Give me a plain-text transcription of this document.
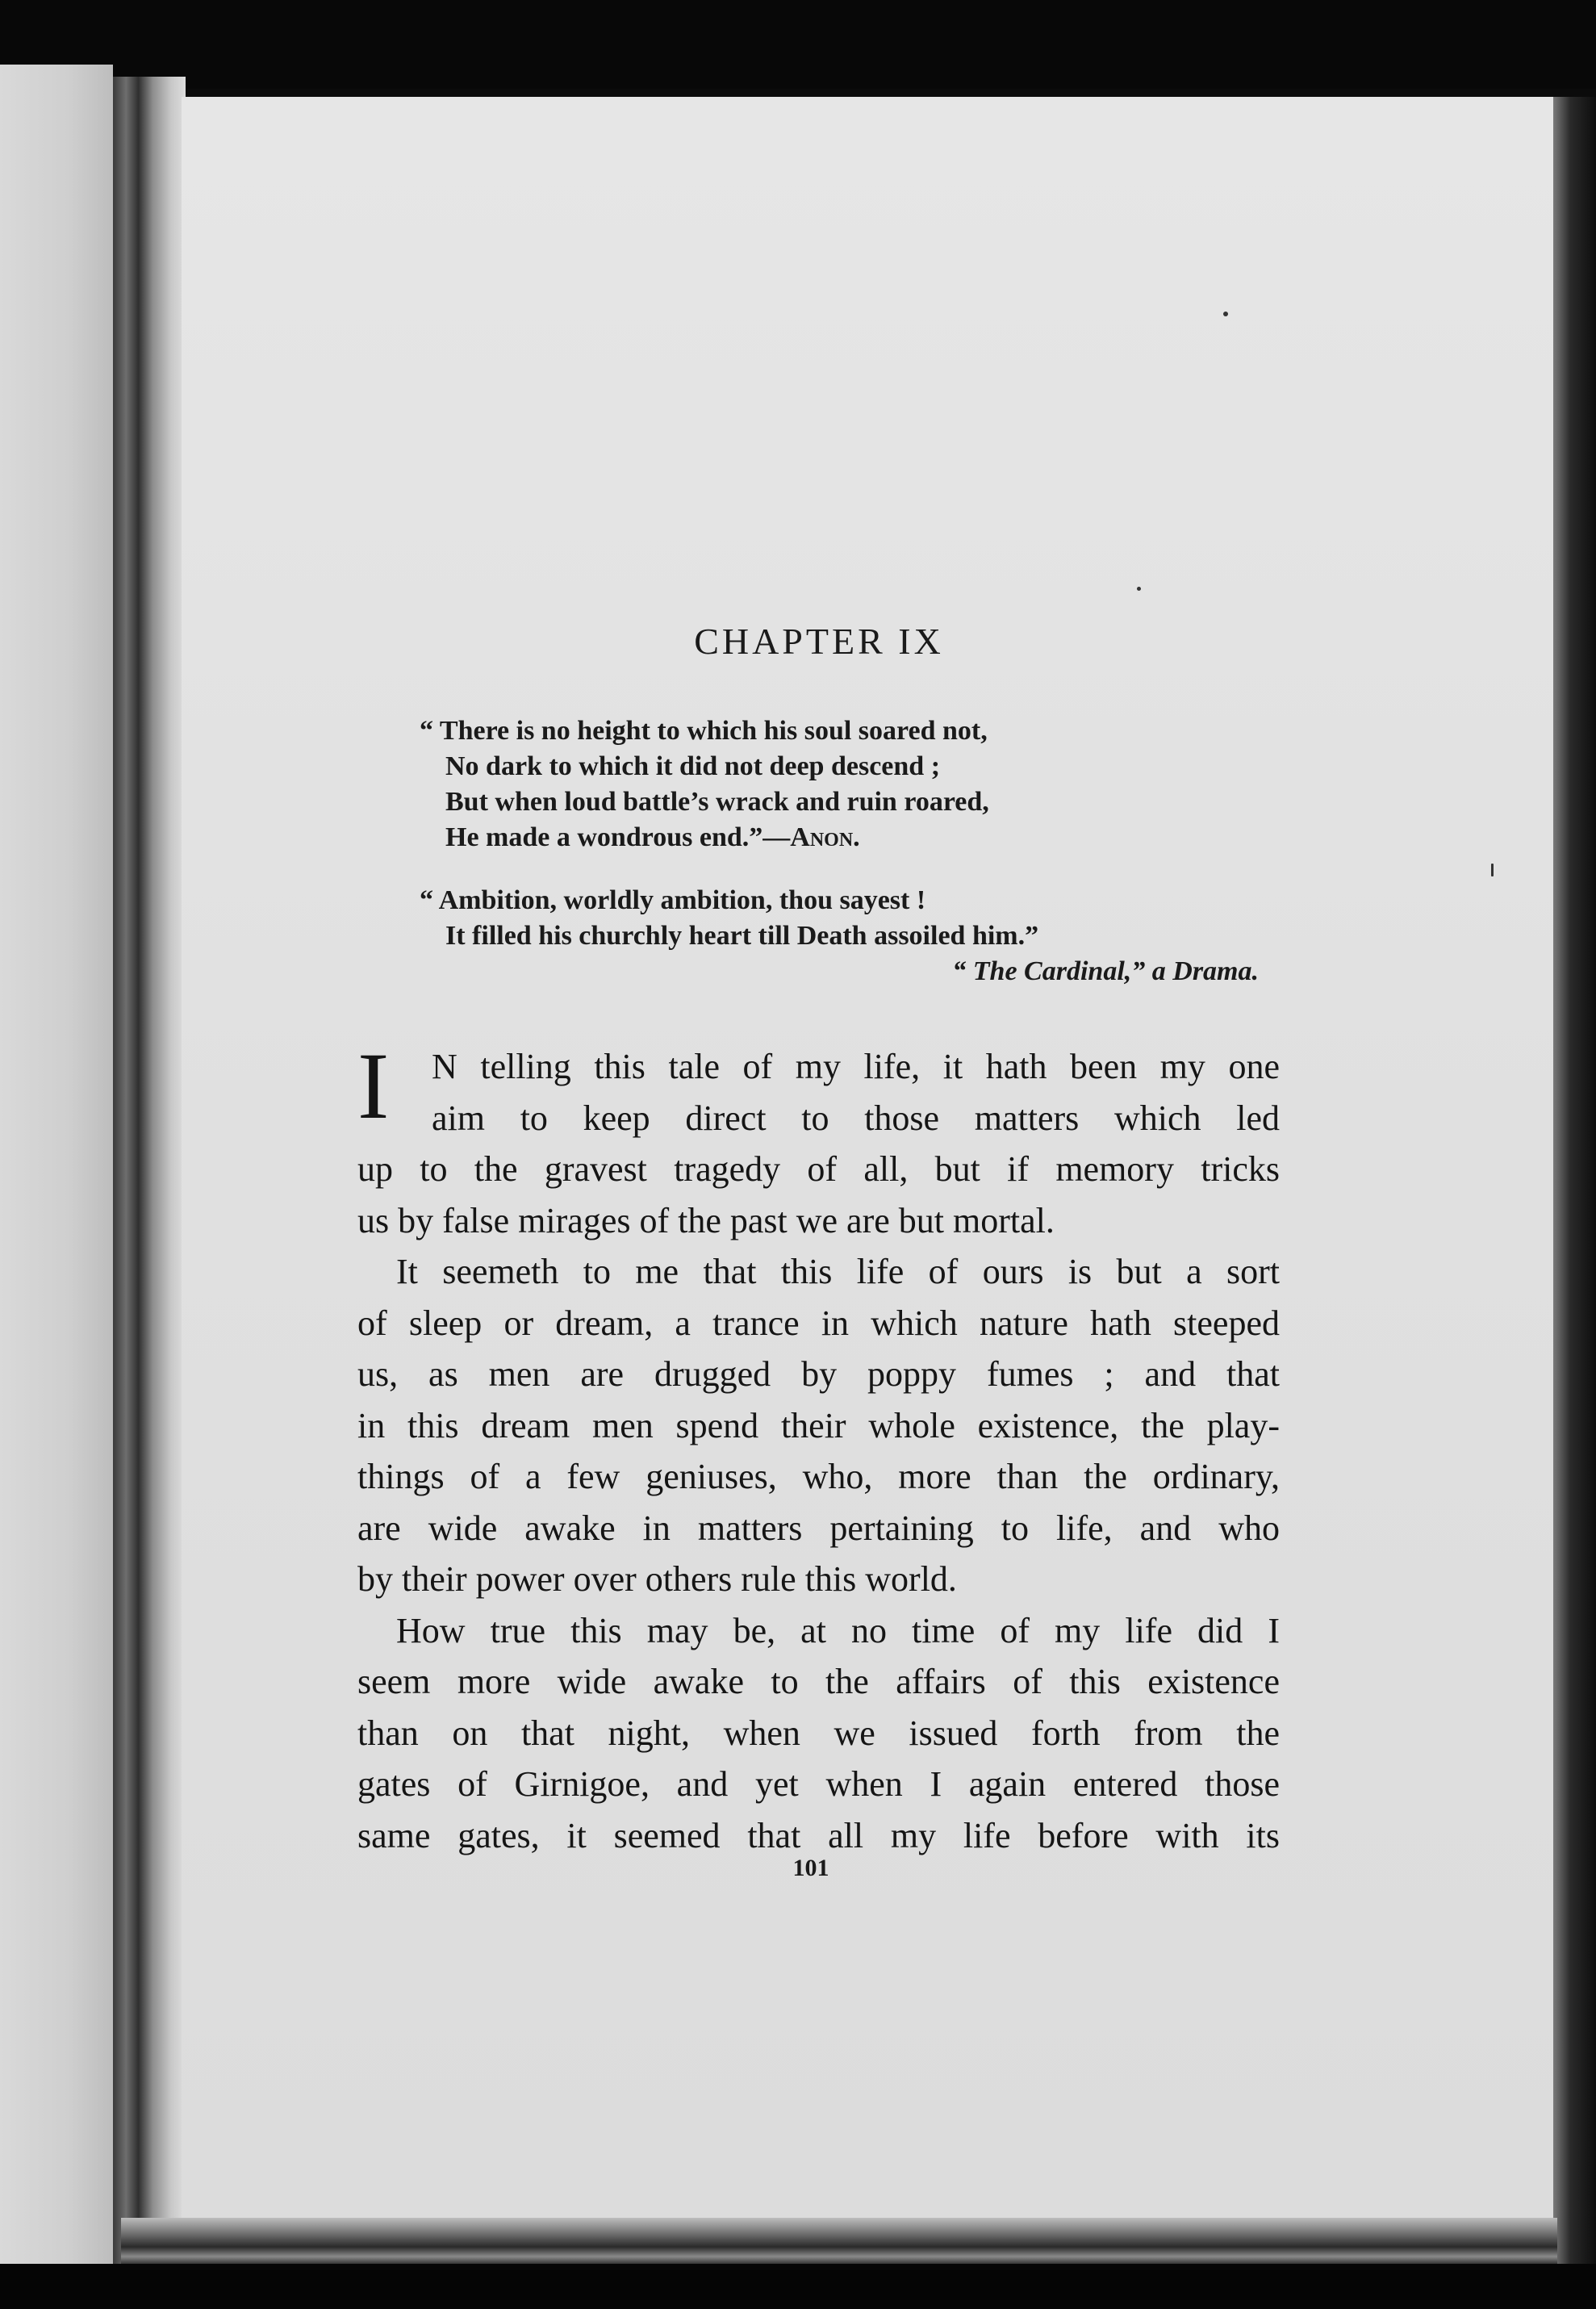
CHAPTER IX
“ There is no height to which his soul soared not,
No dark to which it did not deep descend ;
But when loud battle’s wrack and ruin roared,
He made a wondrous end.”—Anon.
“ Ambition, worldly ambition, thou sayest !
It filled his churchly heart till Death assoiled him.”
“ The Cardinal,” a Drama.
I	N telling this tale of my life, it hath been my one
aim to keep direct to those matters which led
up to the gravest tragedy of all, but if memory tricks
us by false mirages of the past we are but mortal.
It seemeth to me that this life of ours is but a sort
of sleep or dream, a trance in which nature hath steeped
us, as men are drugged by poppy fumes ; and that
in this dream men spend their whole existence, the play-
things of a few geniuses, who, more than the ordinary,
are wide awake in matters pertaining to life, and who
by their power over others rule this world.
How true this may be, at no time of my life did I
seem more wide awake to the affairs of this existence
than on that night, when we issued forth from the
gates of Girnigoe, and yet when I again entered those
same gates, it seemed that all my life before with its
101
